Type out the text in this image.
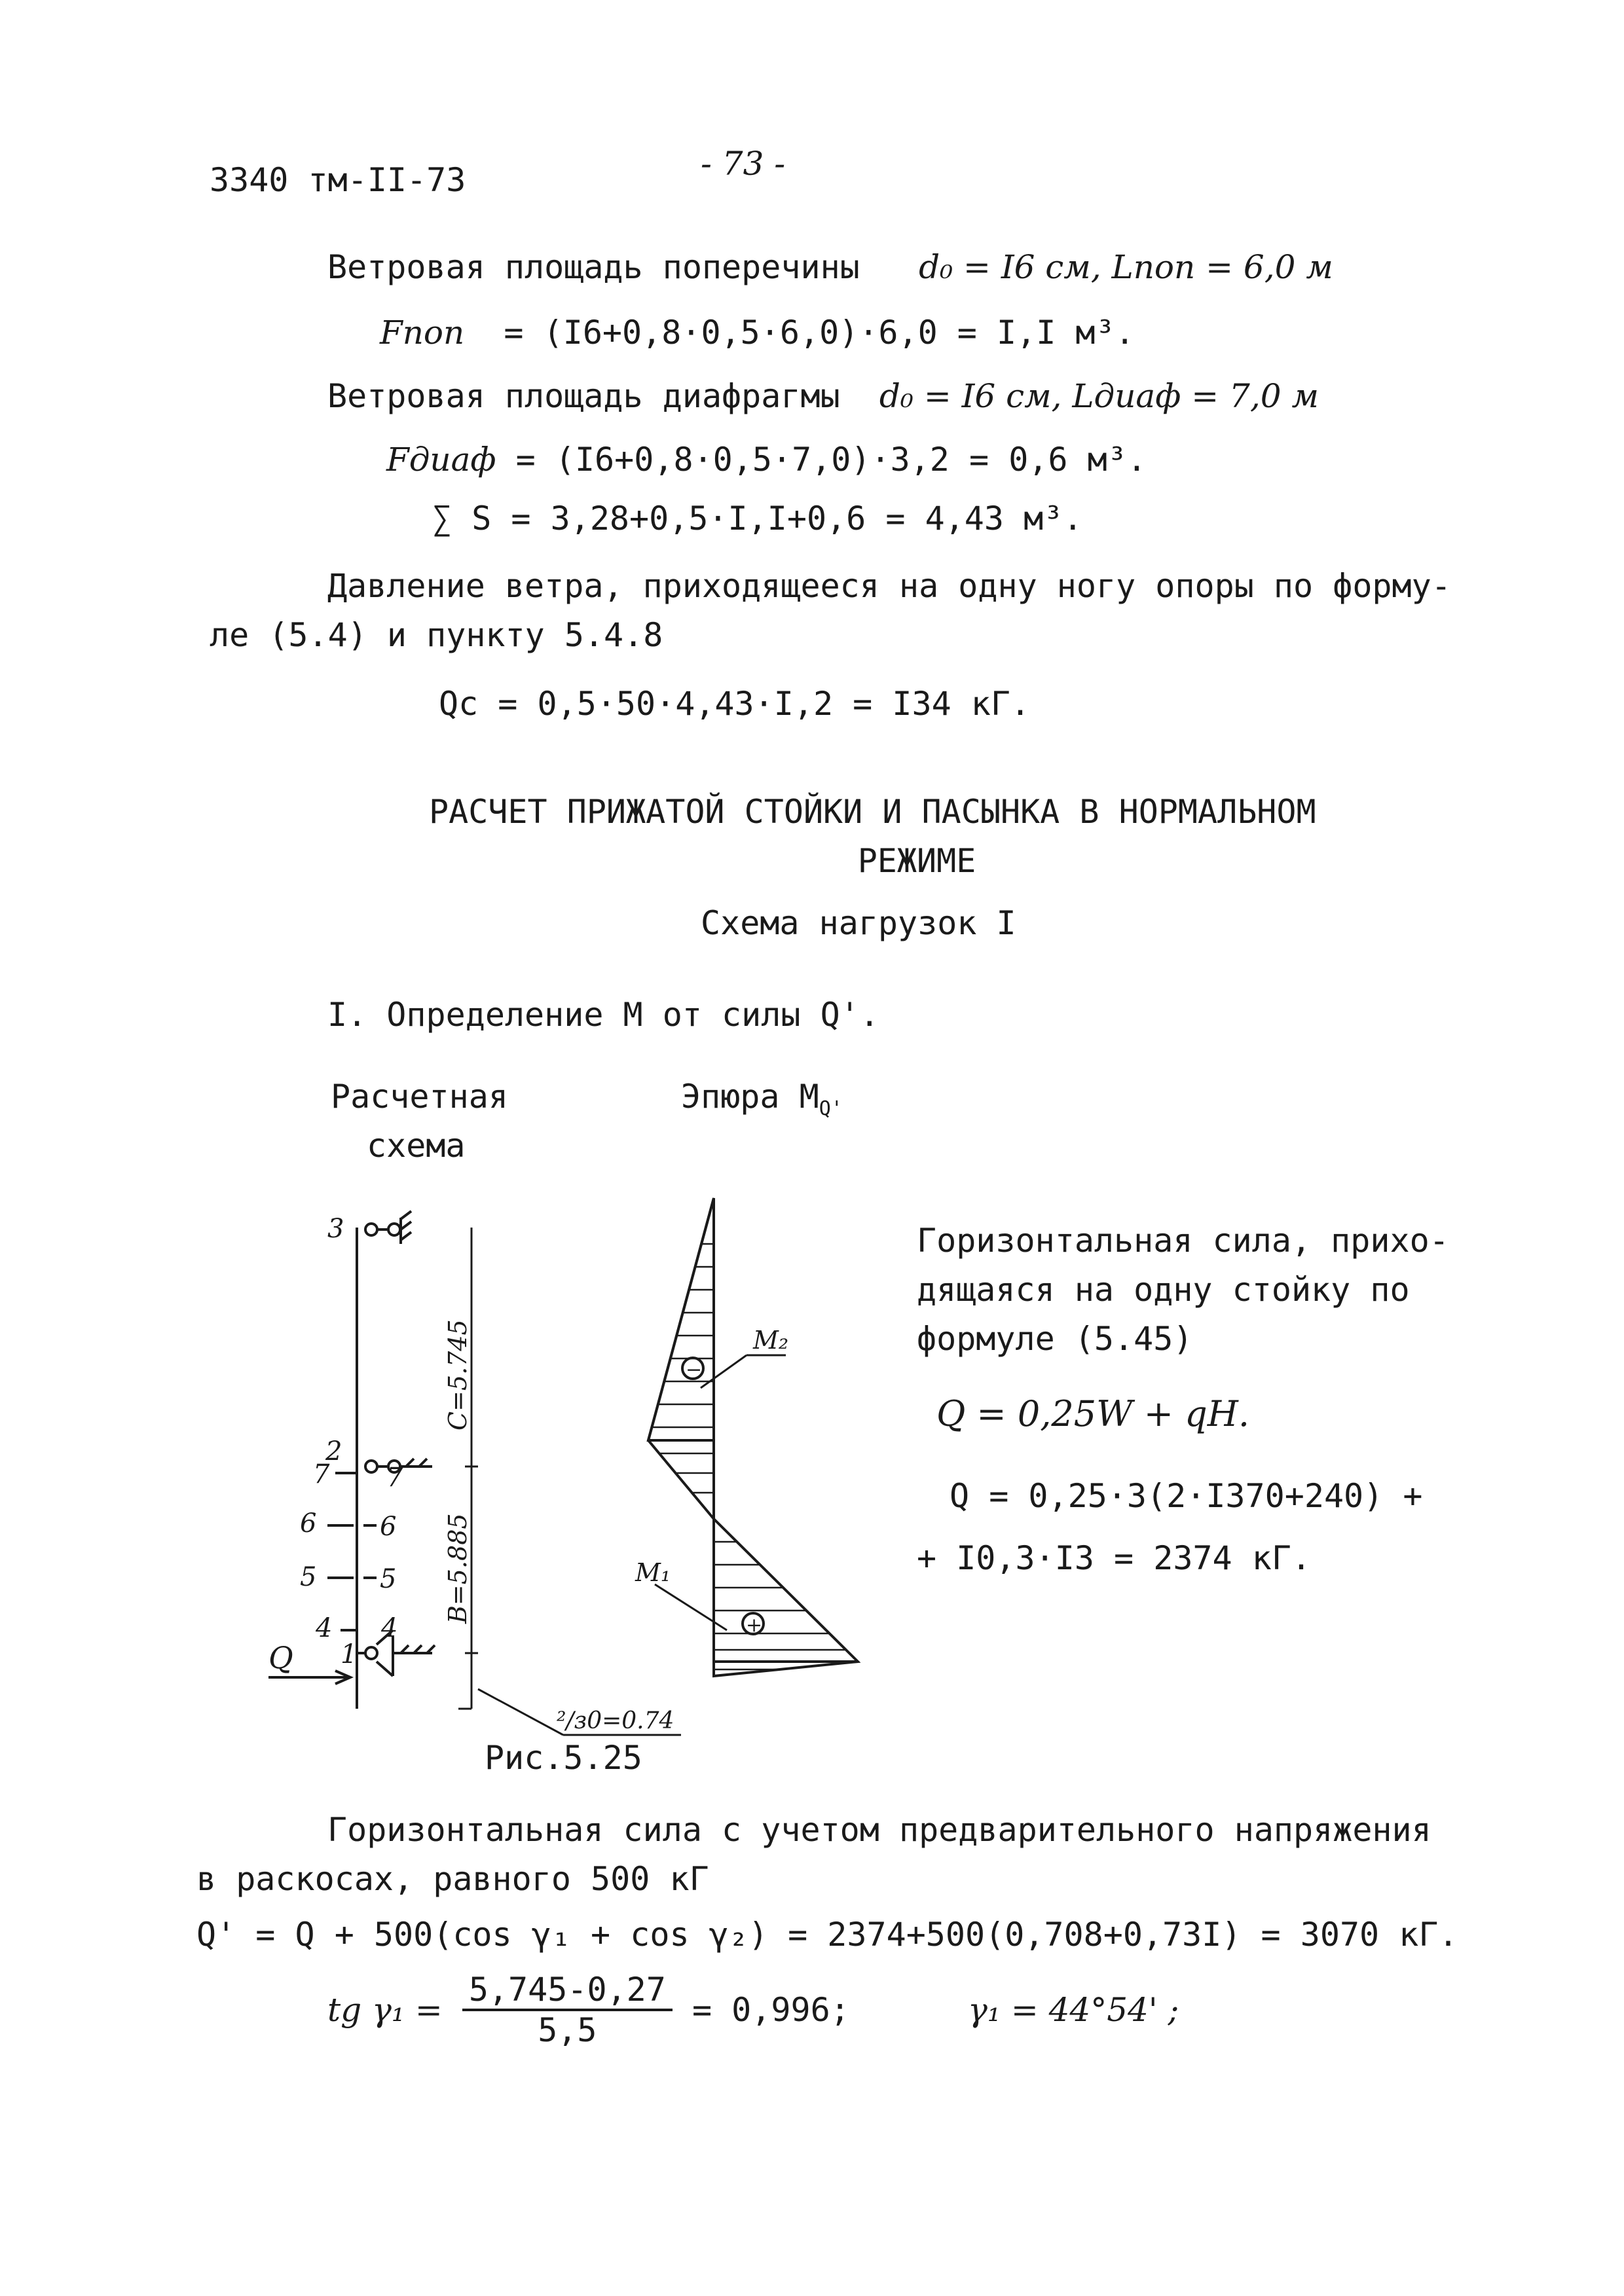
3340 тм-II-73	- 73 -
Ветровая площадь поперечины d₀ = I6 см, Lпоп = 6,0 м
Fпоп = (I6+0,8·0,5·6,0)·6,0 = I,I м³.
Ветровая площадь диафрагмы d₀ = I6 см, Lдиаф = 7,0 м
Fдиаф = (I6+0,8·0,5·7,0)·3,2 = 0,6 м³.
∑ S = 3,28+0,5·I,I+0,6 = 4,43 м³.
Давление ветра, приходящееся на одну ногу опоры по форму-
ле (5.4) и пункту 5.4.8
Qc = 0,5·50·4,43·I,2 = I34 кГ.
РАСЧЕТ ПРИЖАТОЙ СТОЙКИ И ПАСЫНКА В НОРМАЛЬНОМ
РЕЖИМЕ
Схема нагрузок I
I. Определение М от силы Q'.
Расчетная
схема
Эпюра $M_{Q'}$
3
2
7 7
6 6
5 5
4 4
1
Q
C=5.745
B=5.885
²/з0=0.74
M₂
M₁
−
+
Рис.5.25
Горизонтальная сила, прихо-
дящаяся на одну стойку по
формуле (5.45)
Q = 0,25W + qH.
Q = 0,25·3(2·I370+240) +
+ I0,3·I3 = 2374 кГ.
Горизонтальная сила с учетом предварительного напряжения
в раскосах, равного 500 кГ
Q' = Q + 500(cos γ₁ + cos γ₂) = 2374+500(0,708+0,73I) = 3070 кГ.
tg $\gamma_1 = \frac{5,745-0,27}{5,5} = 0,996$;	γ₁ = 44°54' ;
